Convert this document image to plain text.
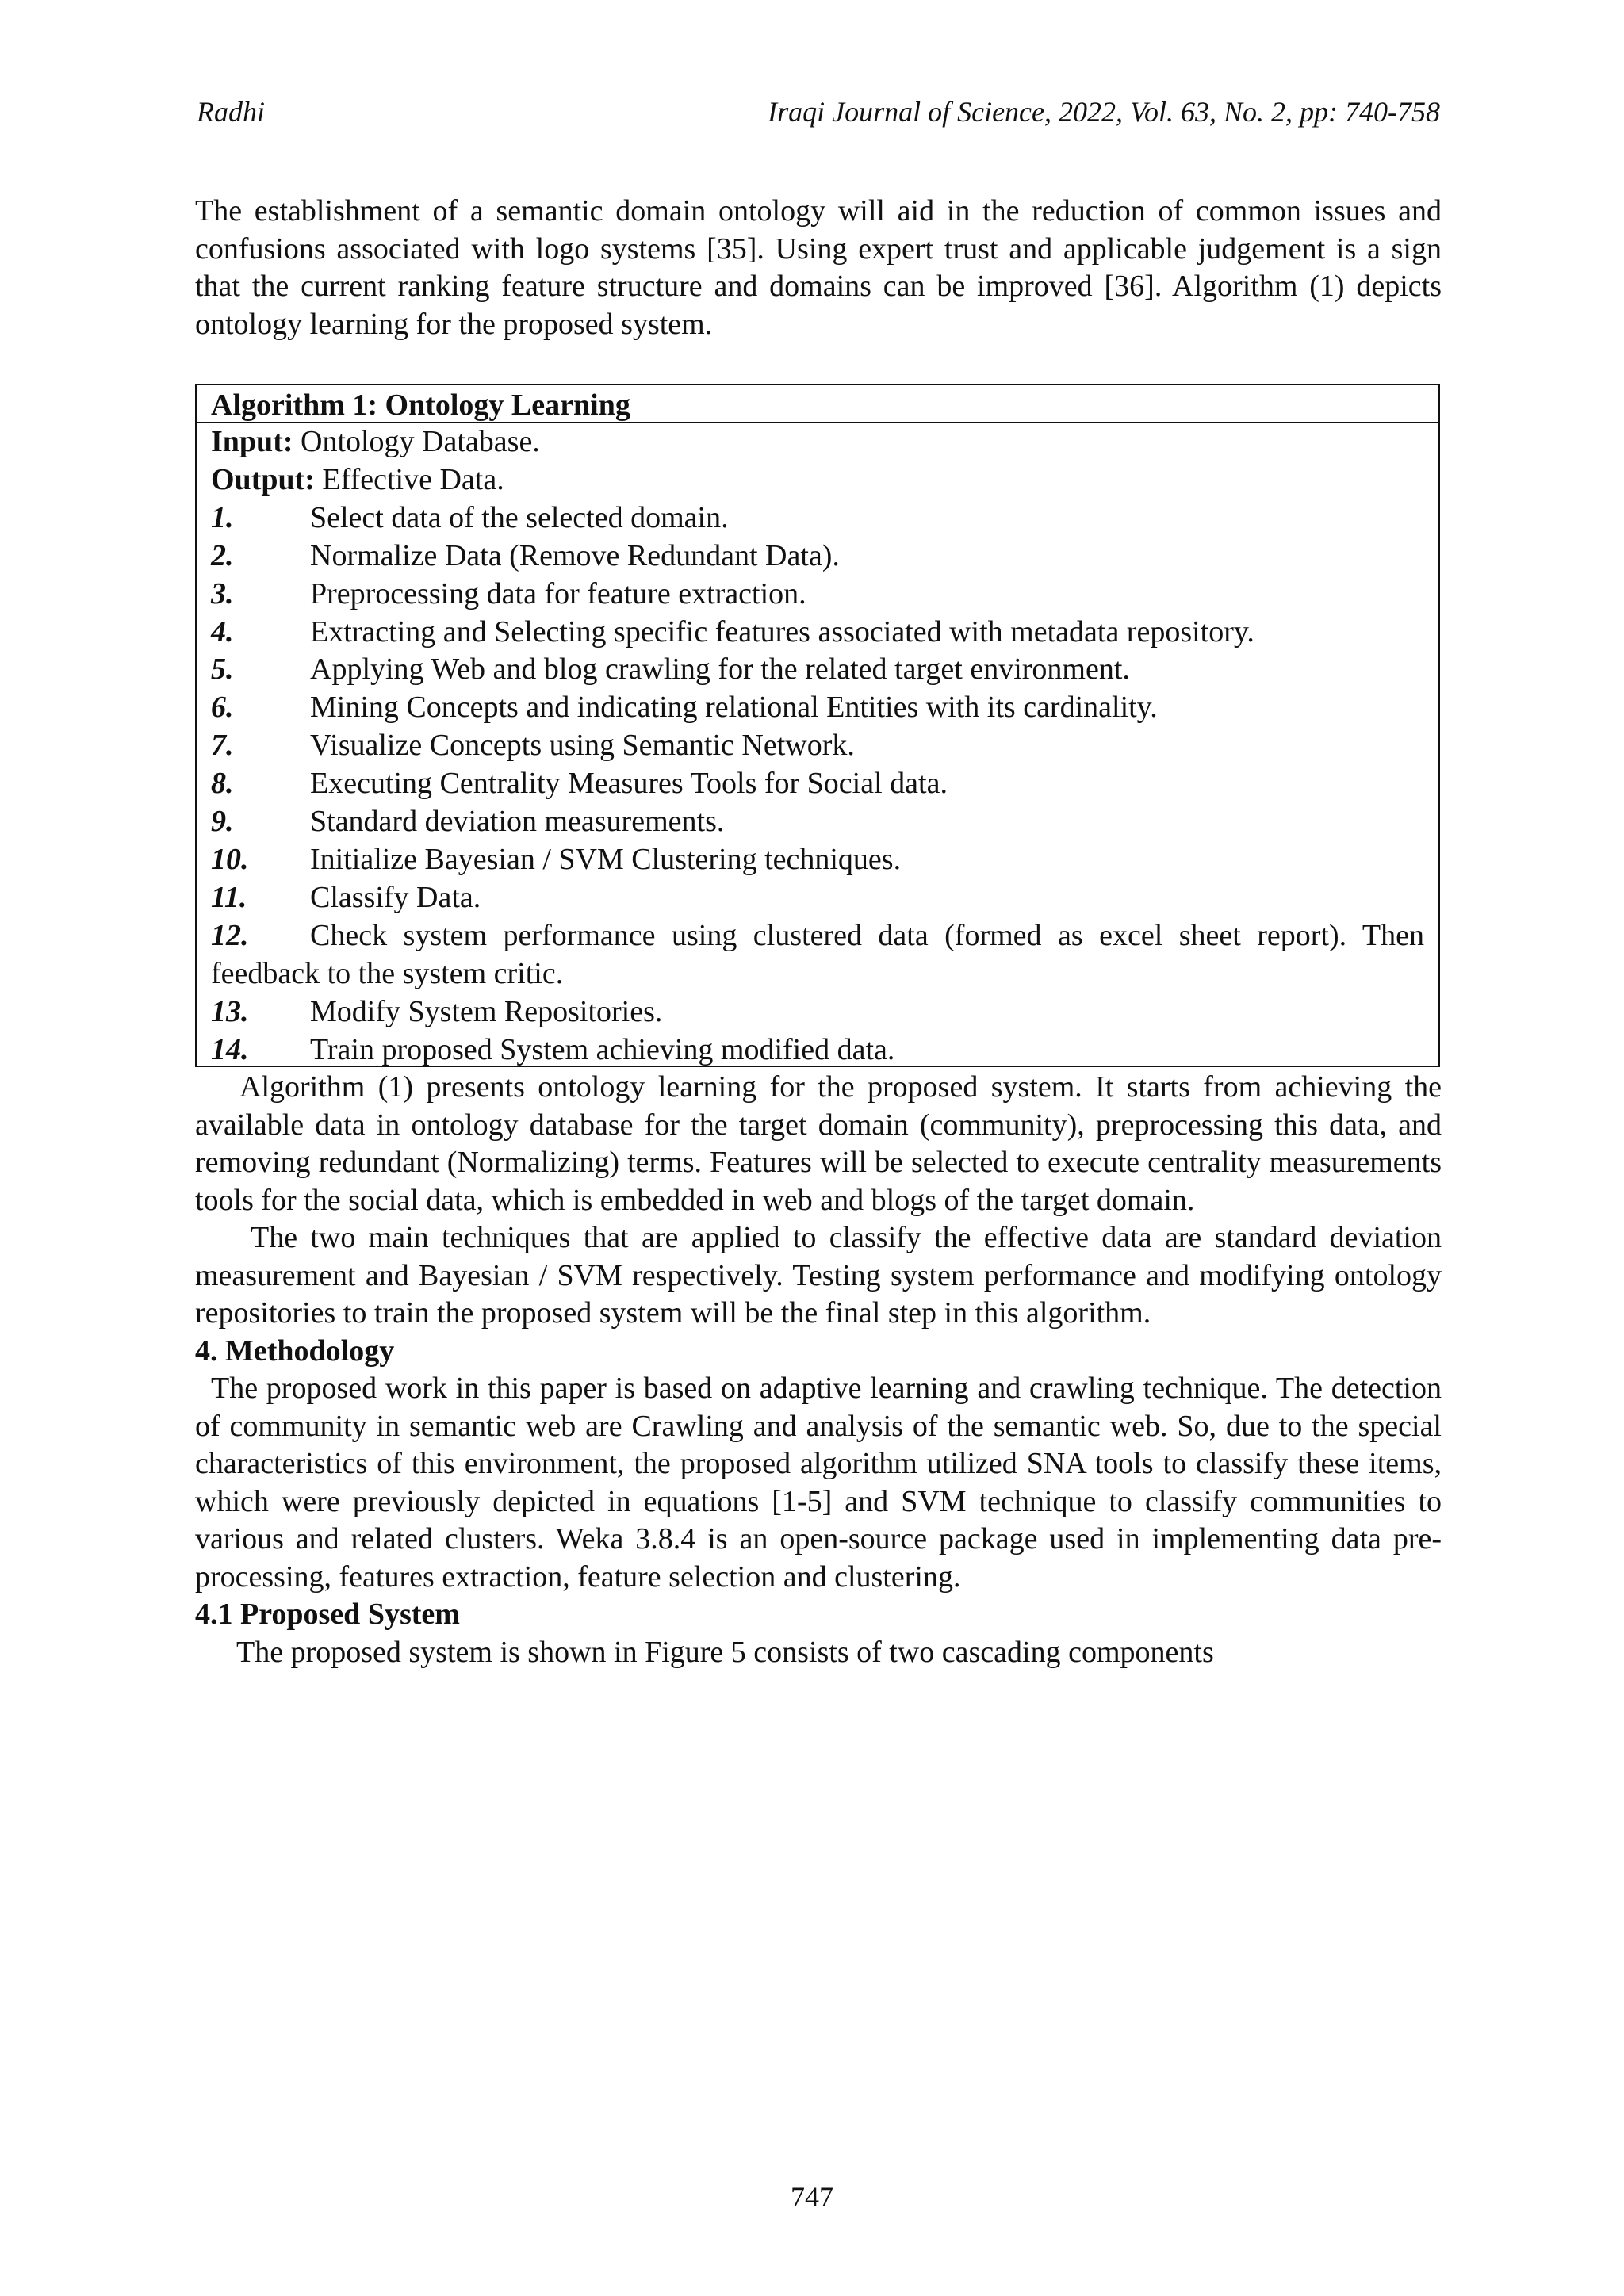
Radhi	Iraqi Journal of Science, 2022, Vol. 63, No. 2, pp: 740-758

The establishment of a semantic domain ontology will aid in the reduction of common issues and confusions associated with logo systems [35]. Using expert trust and applicable judgement is a sign that the current ranking feature structure and domains can be improved [36]. Algorithm (1) depicts ontology learning for the proposed system.

Algorithm 1: Ontology Learning
Input: Ontology Database.
Output: Effective Data.
1.	Select data of the selected domain.
2.	Normalize Data (Remove Redundant Data).
3.	Preprocessing data for feature extraction.
4.	Extracting and Selecting specific features associated with metadata repository.
5.	Applying Web and blog crawling for the related target environment.
6.	Mining Concepts and indicating relational Entities with its cardinality.
7.	Visualize Concepts using Semantic Network.
8.	Executing Centrality Measures Tools for Social data.
9.	Standard deviation measurements.
10. Initialize Bayesian / SVM Clustering techniques.
11. Classify Data.
12. Check system performance using clustered data (formed as excel sheet report). Then feedback to the system critic.
13. Modify System Repositories.
14. Train proposed System achieving modified data.

Algorithm (1) presents ontology learning for the proposed system. It starts from achieving the available data in ontology database for the target domain (community), preprocessing this data, and removing redundant (Normalizing) terms. Features will be selected to execute centrality measurements tools for the social data, which is embedded in web and blogs of the target domain.

The two main techniques that are applied to classify the effective data are standard deviation measurement and Bayesian / SVM respectively. Testing system performance and modifying ontology repositories to train the proposed system will be the final step in this algorithm.

4. Methodology

The proposed work in this paper is based on adaptive learning and crawling technique. The detection of community in semantic web are Crawling and analysis of the semantic web. So, due to the special characteristics of this environment, the proposed algorithm utilized SNA tools to classify these items, which were previously depicted in equations [1-5] and SVM technique to classify communities to various and related clusters. Weka 3.8.4 is an open-source package used in implementing data pre-processing, features extraction, feature selection and clustering.

4.1 Proposed System

The proposed system is shown in Figure 5 consists of two cascading components

747
